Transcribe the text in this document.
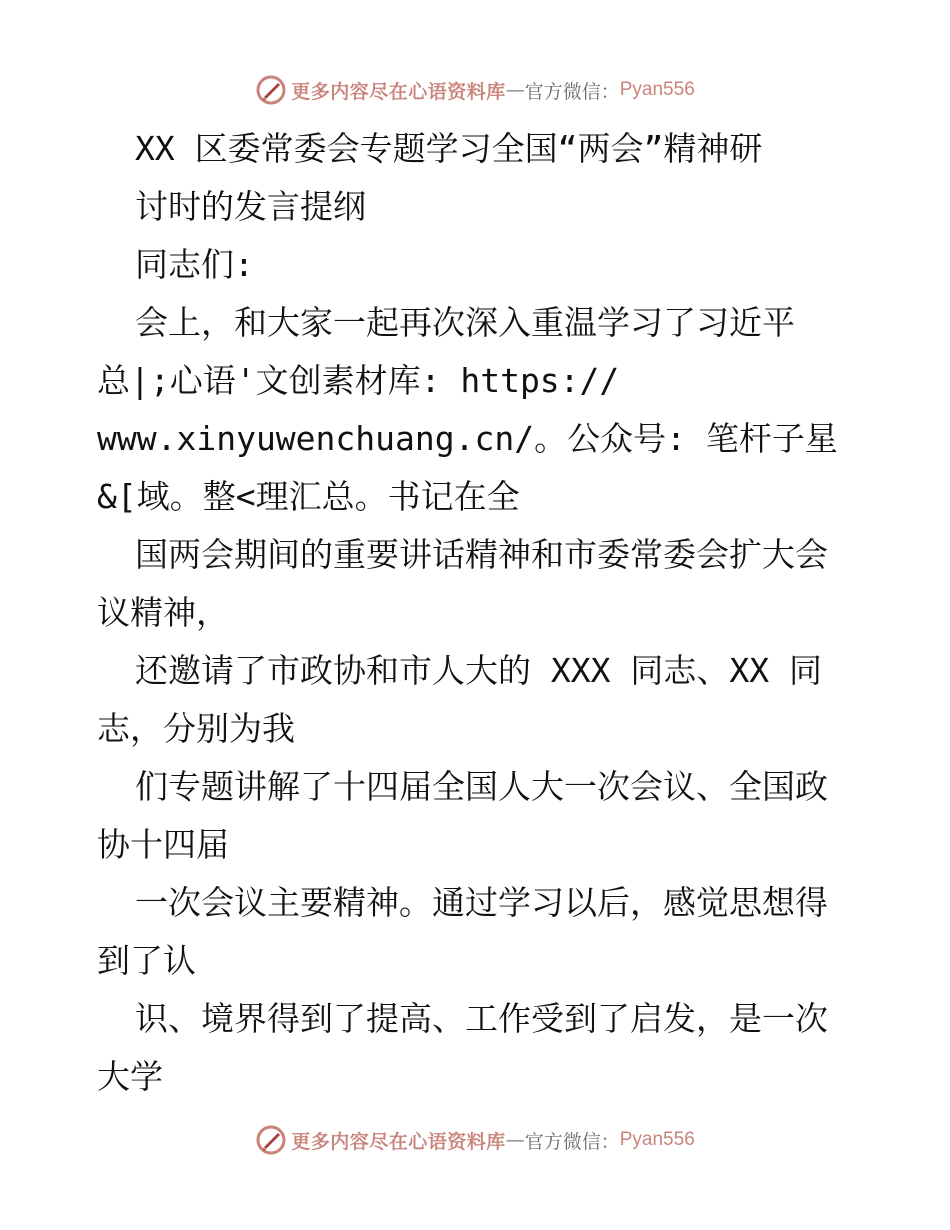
更多内容尽在心语资料库 — 官方微信： Pyan556
XX 区委常委会专题学习全国“两会”精神研
讨时的发言提纲
同志们:
会上，和大家一起再次深入重温学习了习近平
总|;心语'文创素材库: https://
www.xinyuwenchuang.cn/。公众号: 笔杆子星
&[域。整<理汇总。书记在全
国两会期间的重要讲话精神和市委常委会扩大会
议精神，
还邀请了市政协和市人大的 XXX 同志、XX 同
志，分别为我
们专题讲解了十四届全国人大一次会议、全国政
协十四届
一次会议主要精神。通过学习以后，感觉思想得
到了认
识、境界得到了提高、工作受到了启发，是一次
大学
更多内容尽在心语资料库 — 官方微信： Pyan556
